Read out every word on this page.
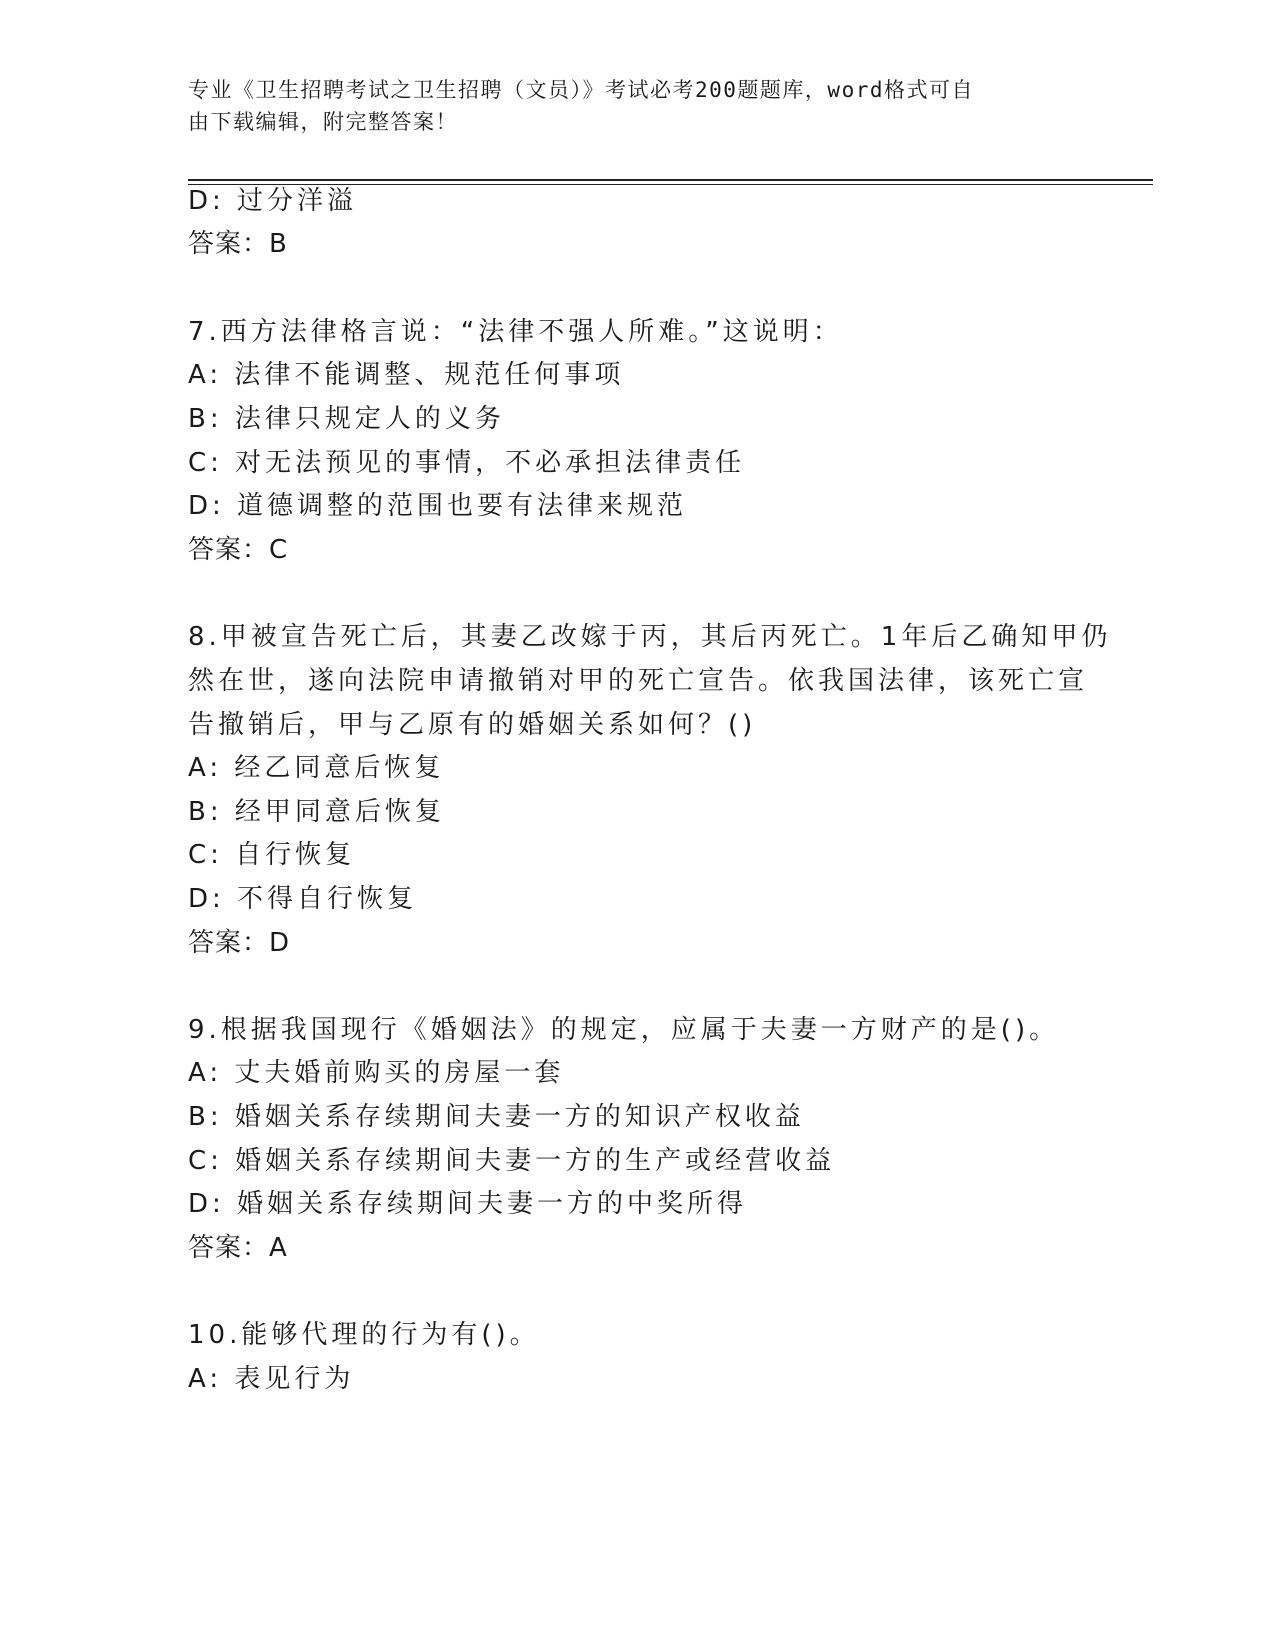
专业《卫生招聘考试之卫生招聘（文员）》考试必考200题题库，word格式可自
由下载编辑，附完整答案！
D: 过分洋溢
答案：B
7.西方法律格言说：“法律不强人所难。”这说明：
A: 法律不能调整、规范任何事项
B: 法律只规定人的义务
C: 对无法预见的事情，不必承担法律责任
D: 道德调整的范围也要有法律来规范
答案：C
8.甲被宣告死亡后，其妻乙改嫁于丙，其后丙死亡。1年后乙确知甲仍
然在世，遂向法院申请撤销对甲的死亡宣告。依我国法律，该死亡宣
告撤销后，甲与乙原有的婚姻关系如何？()
A: 经乙同意后恢复
B: 经甲同意后恢复
C: 自行恢复
D: 不得自行恢复
答案：D
9.根据我国现行《婚姻法》的规定，应属于夫妻一方财产的是()。
A: 丈夫婚前购买的房屋一套
B: 婚姻关系存续期间夫妻一方的知识产权收益
C: 婚姻关系存续期间夫妻一方的生产或经营收益
D: 婚姻关系存续期间夫妻一方的中奖所得
答案：A
10.能够代理的行为有()。
A: 表见行为
